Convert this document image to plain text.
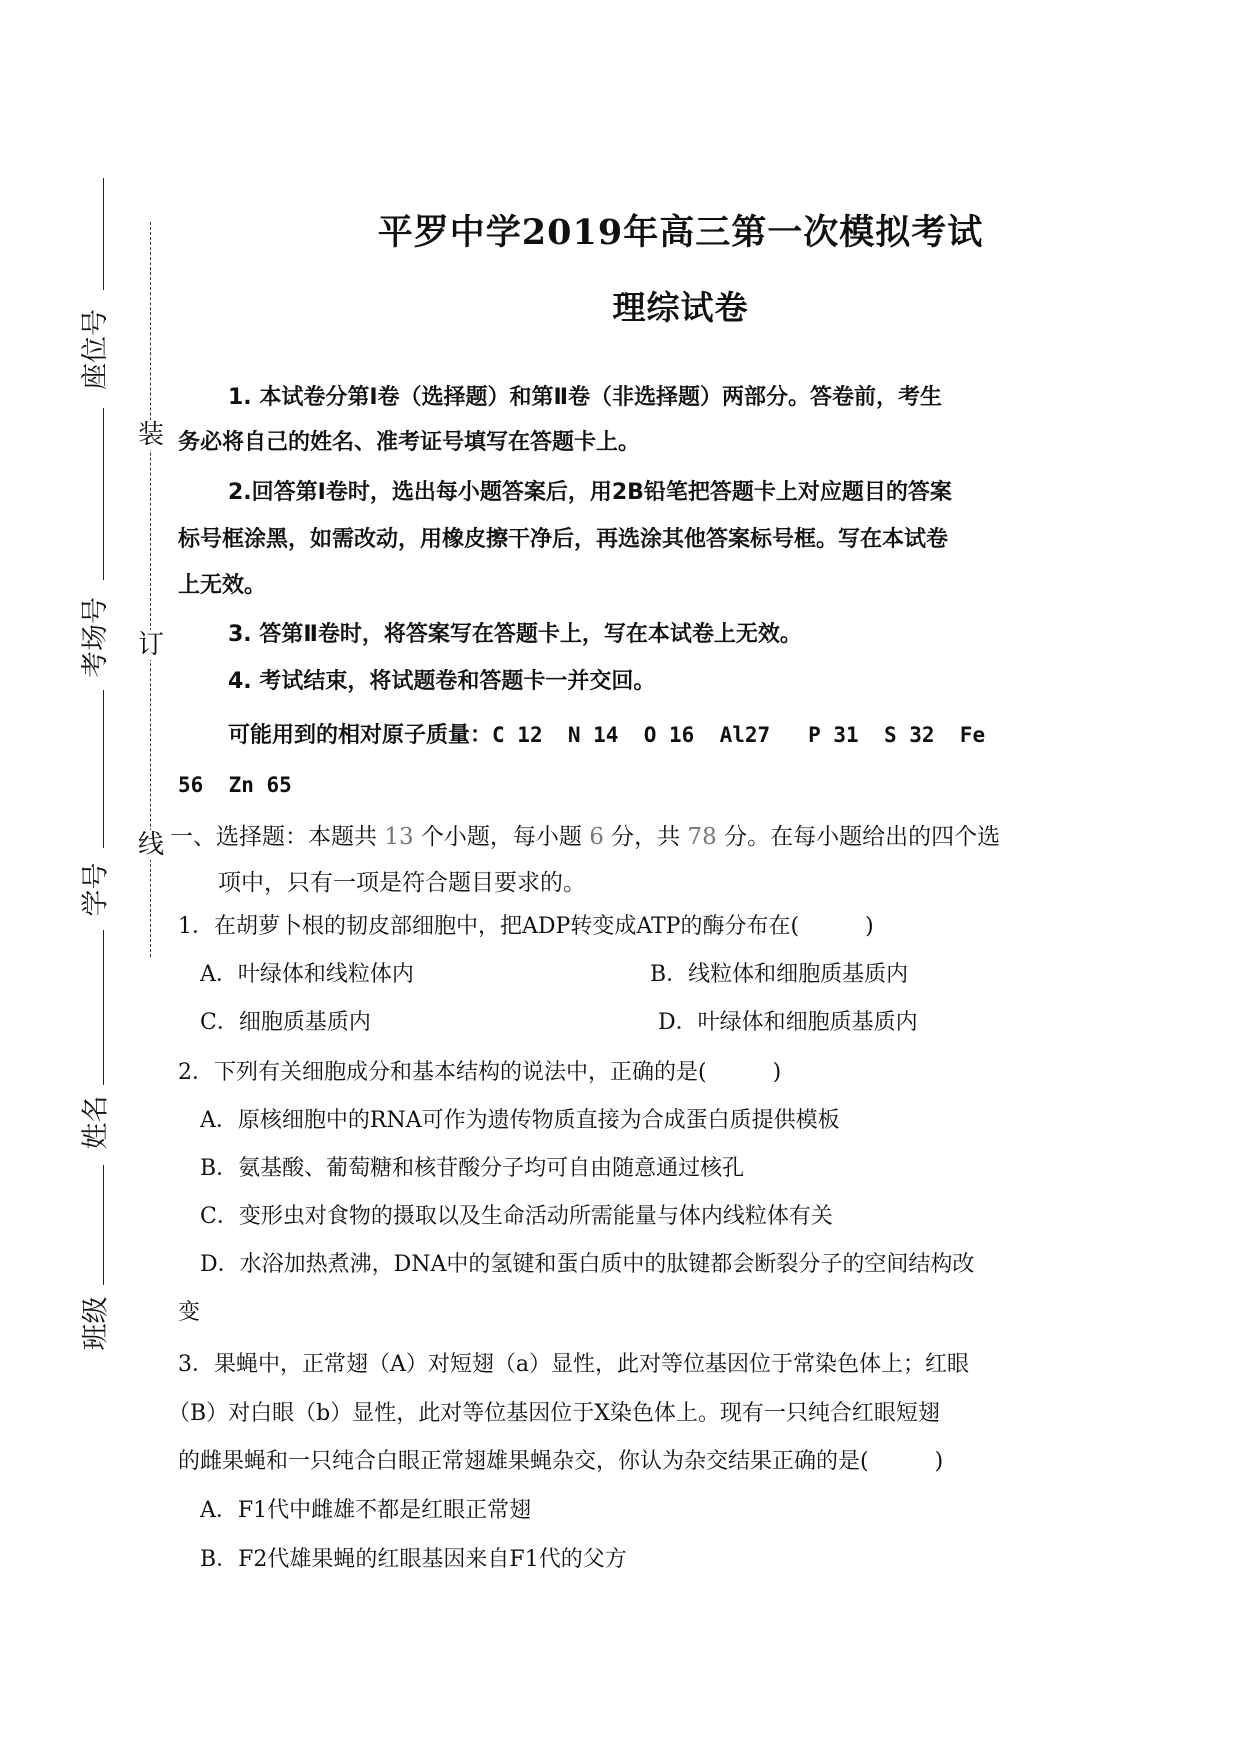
座位号
考场号
学号
姓名
班级
装
订
线
平罗中学2019年高三第一次模拟考试
理综试卷
1. 本试卷分第Ⅰ卷（选择题）和第Ⅱ卷（非选择题）两部分。答卷前，考生
务必将自己的姓名、准考证号填写在答题卡上。
2.回答第Ⅰ卷时，选出每小题答案后，用2B铅笔把答题卡上对应题目的答案
标号框涂黑，如需改动，用橡皮擦干净后，再选涂其他答案标号框。写在本试卷
上无效。
3. 答第Ⅱ卷时，将答案写在答题卡上，写在本试卷上无效。
4. 考试结束，将试题卷和答题卡一并交回。
可能用到的相对原子质量：C 12  N 14  O 16  Al27   P 31  S 32  Fe
56  Zn 65
一、选择题：本题共 13 个小题，每小题 6 分，共 78 分。在每小题给出的四个选
项中，只有一项是符合题目要求的。
1．在胡萝卜根的韧皮部细胞中，把ADP转变成ATP的酶分布在(　　　)
A．叶绿体和线粒体内	B．线粒体和细胞质基质内
C．细胞质基质内	D．叶绿体和细胞质基质内
2．下列有关细胞成分和基本结构的说法中，正确的是(　　　)
A．原核细胞中的RNA可作为遗传物质直接为合成蛋白质提供模板
B．氨基酸、葡萄糖和核苷酸分子均可自由随意通过核孔
C．变形虫对食物的摄取以及生命活动所需能量与体内线粒体有关
D．水浴加热煮沸，DNA中的氢键和蛋白质中的肽键都会断裂分子的空间结构改
变
3．果蝇中，正常翅（A）对短翅（a）显性，此对等位基因位于常染色体上；红眼
（B）对白眼（b）显性，此对等位基因位于X染色体上。现有一只纯合红眼短翅
的雌果蝇和一只纯合白眼正常翅雄果蝇杂交，你认为杂交结果正确的是(　　　)
A．F1代中雌雄不都是红眼正常翅
B．F2代雄果蝇的红眼基因来自F1代的父方
